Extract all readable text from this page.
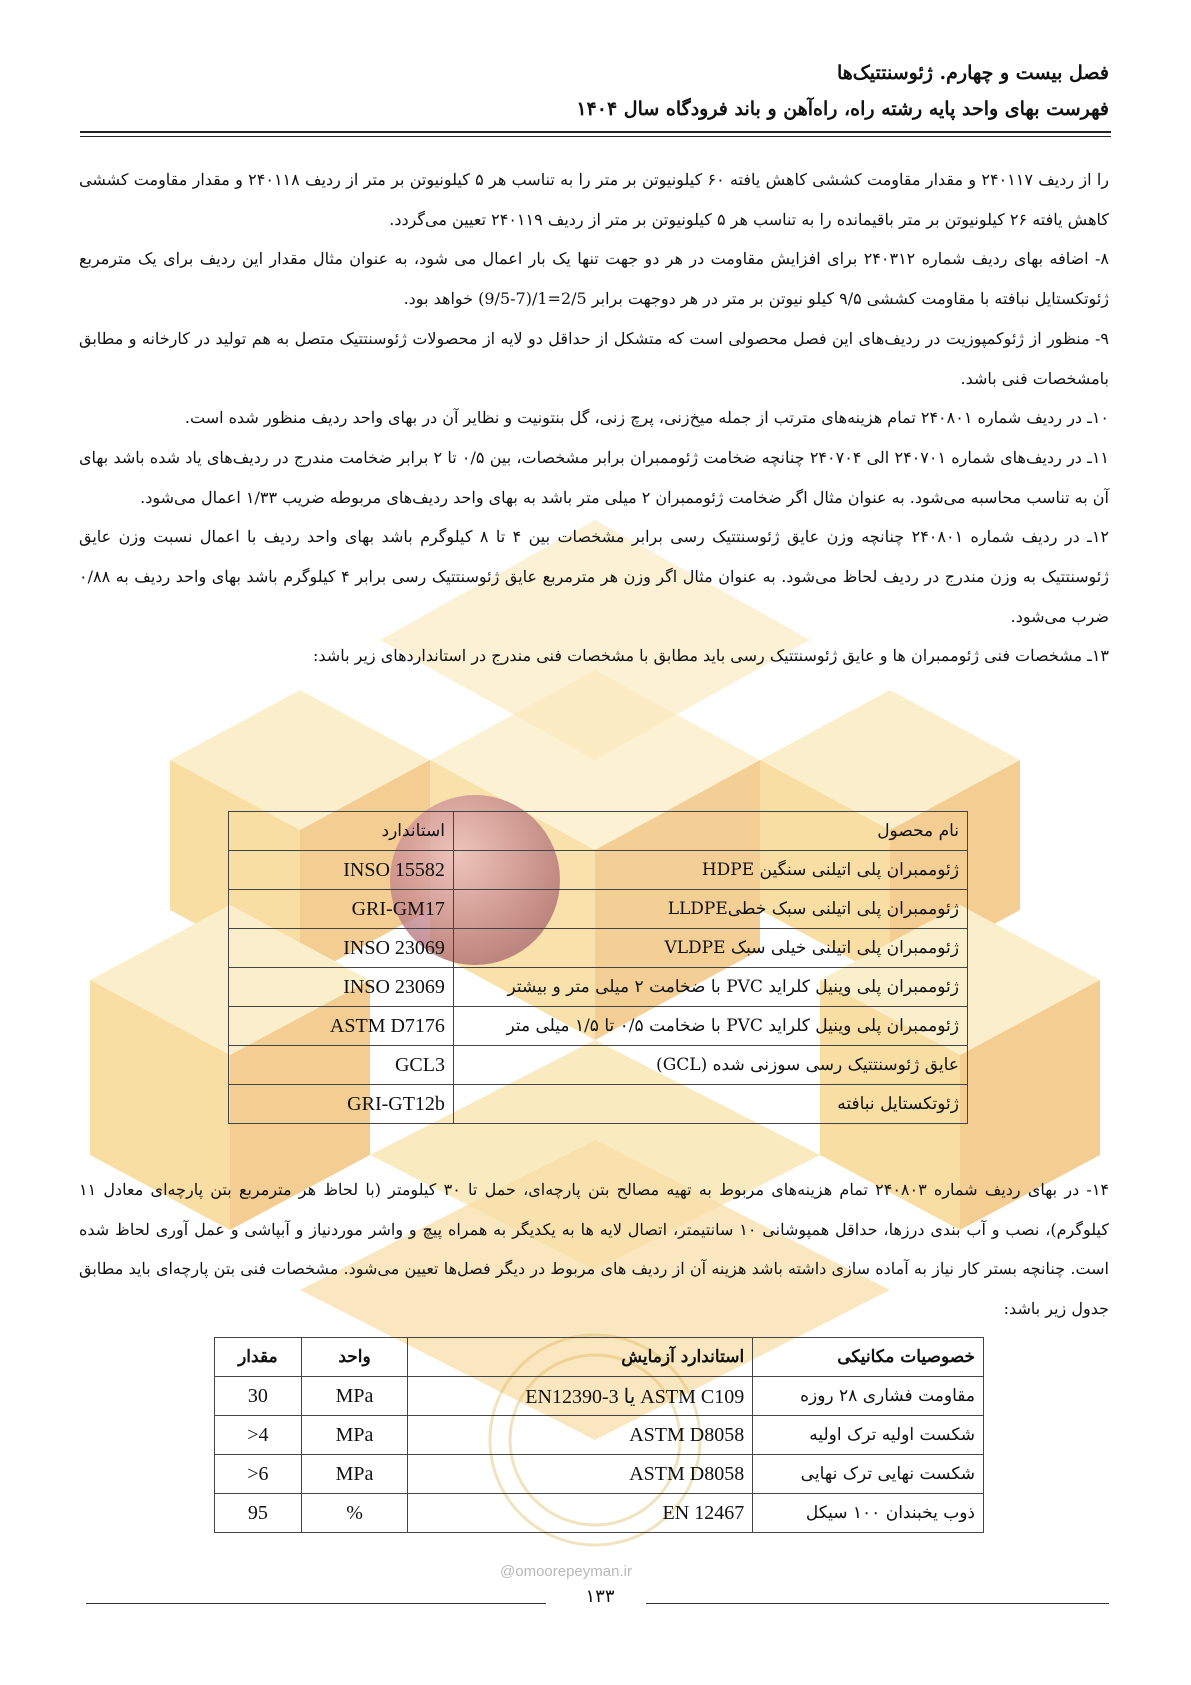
فصل بیست و چهارم. ژئوسنتتیک‌ها
فهرست بهای واحد پایه رشته راه، راه‌آهن و باند فرودگاه سال ۱۴۰۴

را از ردیف ۲۴۰۱۱۷ و مقدار مقاومت کششی کاهش یافته ۶۰ کیلونیوتن بر متر را به تناسب هر ۵ کیلونیوتن بر متر از ردیف ۲۴۰۱۱۸ و مقدار مقاومت کششی کاهش یافته ۲۶ کیلونیوتن بر متر باقیمانده را به تناسب هر ۵ کیلونیوتن بر متر از ردیف ۲۴۰۱۱۹ تعیین می‌گردد.

۸- اضافه بهای ردیف شماره ۲۴۰۳۱۲ برای افزایش مقاومت در هر دو جهت تنها یک بار اعمال می شود، به عنوان مثال مقدار این ردیف برای یک مترمربع ژئوتکستایل نبافته با مقاومت کششی ۹/۵ کیلو نیوتن بر متر در هر دوجهت برابر 2/5=1/(7-9/5) خواهد بود.

۹- منظور از ژئوکمپوزیت در ردیف‌های این فصل محصولی است که متشکل از حداقل دو لایه از محصولات ژئوسنتتیک متصل به هم تولید در کارخانه و مطابق بامشخصات فنی باشد.

۱۰ـ در ردیف شماره ۲۴۰۸۰۱ تمام هزینه‌های مترتب از جمله میخ‌زنی، پرچ زنی، گل بنتونیت و نظایر آن در بهای واحد ردیف منظور شده است.

۱۱ـ در ردیف‌های شماره ۲۴۰۷۰۱ الی ۲۴۰۷۰۴ چنانچه ضخامت ژئوممبران برابر مشخصات، بین ۰/۵ تا ۲ برابر ضخامت مندرج در ردیف‌های یاد شده باشد بهای آن به تناسب محاسبه می‌شود. به عنوان مثال اگر ضخامت ژئوممبران ۲ میلی متر باشد به بهای واحد ردیف‌های مربوطه ضریب ۱/۳۳ اعمال می‌شود.

۱۲ـ در ردیف شماره ۲۴۰۸۰۱ چنانچه وزن عایق ژئوسنتتیک رسی برابر مشخصات بین ۴ تا ۸ کیلوگرم باشد بهای واحد ردیف با اعمال نسبت وزن عایق ژئوسنتتیک به وزن مندرج در ردیف لحاظ می‌شود. به عنوان مثال اگر وزن هر مترمربع عایق ژئوسنتتیک رسی برابر ۴ کیلوگرم باشد بهای واحد ردیف به ۰/۸۸ ضرب می‌شود.

۱۳ـ مشخصات فنی ژئوممبران ها و عایق ژئوسنتتیک رسی باید مطابق با مشخصات فنی مندرج در استانداردهای زیر باشد:

نام محصول	استاندارد
ژئوممبران پلی اتیلنی سنگین HDPE	INSO 15582
ژئوممبران پلی اتیلنی سبک خطیLLDPE	GRI-GM17
ژئوممبران پلی اتیلنی خیلی سبک VLDPE	INSO 23069
ژئوممبران پلی وینیل کلراید PVC با ضخامت ۲ میلی متر و بیشتر	INSO 23069
ژئوممبران پلی وینیل کلراید PVC با ضخامت ۰/۵ تا ۱/۵ میلی متر	ASTM D7176
عایق ژئوسنتتیک رسی سوزنی شده (GCL)	GCL3
ژئوتکستایل نبافته	GRI-GT12b

۱۴- در بهای ردیف شماره ۲۴۰۸۰۳ تمام هزینه‌های مربوط به تهیه مصالح بتن پارچه‌ای، حمل تا ۳۰ کیلومتر (با لحاظ هر مترمربع بتن پارچه‌ای معادل ۱۱ کیلوگرم)، نصب و آب بندی درزها، حداقل همپوشانی ۱۰ سانتیمتر، اتصال لایه ها به یکدیگر به همراه پیچ و واشر موردنیاز و آبپاشی و عمل آوری لحاظ شده است. چنانچه بستر کار نیاز به آماده سازی داشته باشد هزینه آن از ردیف های مربوط در دیگر فصل‌ها تعیین می‌شود. مشخصات فنی بتن پارچه‌ای باید مطابق جدول زیر باشد:

خصوصیات مکانیکی	استاندارد آزمایش	واحد	مقدار
مقاومت فشاری ۲۸ روزه	ASTM C109 یا EN12390-3	MPa	30
شکست اولیه ترک اولیه	ASTM D8058	MPa	4<
شکست نهایی ترک نهایی	ASTM D8058	MPa	6<
ذوب یخبندان ۱۰۰ سیکل	EN 12467	%	95
@omoorepeyman.ir
۱۳۳
